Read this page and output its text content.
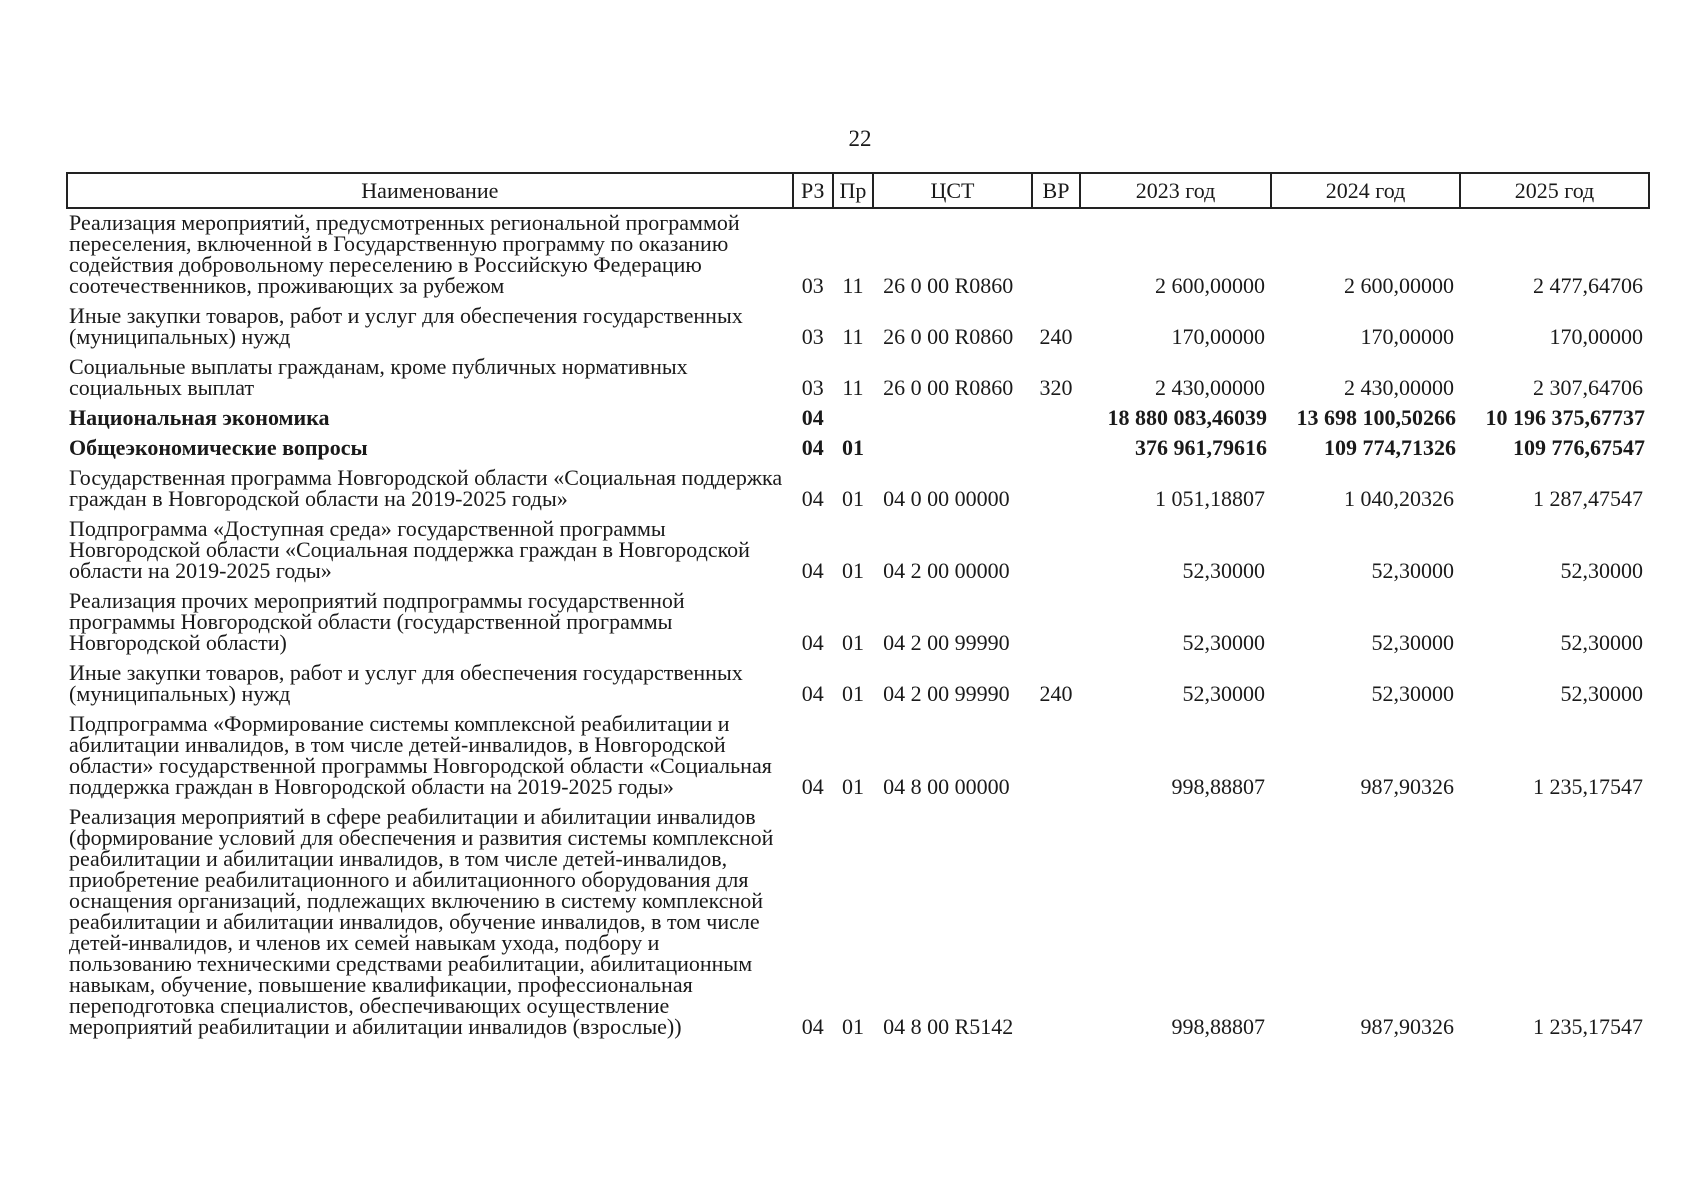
22
Наименование	РЗ	Пр	ЦСТ	ВР	2023 год	2024 год	2025 год
Реализация мероприятий, предусмотренных региональной программой переселения, включенной в Государственную программу по оказанию содействия добровольному переселению в Российскую Федерацию соотечественников, проживающих за рубежом	03	11	26 0 00 R0860		2 600,00000	2 600,00000	2 477,64706
Иные закупки товаров, работ и услуг для обеспечения государственных (муниципальных) нужд	03	11	26 0 00 R0860	240	170,00000	170,00000	170,00000
Социальные выплаты гражданам, кроме публичных нормативных социальных выплат	03	11	26 0 00 R0860	320	2 430,00000	2 430,00000	2 307,64706
Национальная экономика	04				18 880 083,46039	13 698 100,50266	10 196 375,67737
Общеэкономические вопросы	04	01			376 961,79616	109 774,71326	109 776,67547
Государственная программа Новгородской области «Социальная поддержка граждан в Новгородской области на 2019-2025 годы»	04	01	04 0 00 00000		1 051,18807	1 040,20326	1 287,47547
Подпрограмма «Доступная среда» государственной программы Новгородской области «Социальная поддержка граждан в Новгородской области на 2019-2025 годы»	04	01	04 2 00 00000		52,30000	52,30000	52,30000
Реализация прочих мероприятий подпрограммы государственной программы Новгородской области (государственной программы Новгородской области)	04	01	04 2 00 99990		52,30000	52,30000	52,30000
Иные закупки товаров, работ и услуг для обеспечения государственных (муниципальных) нужд	04	01	04 2 00 99990	240	52,30000	52,30000	52,30000
Подпрограмма «Формирование системы комплексной реабилитации и абилитации инвалидов, в том числе детей-инвалидов, в Новгородской области» государственной программы Новгородской области «Социальная поддержка граждан в Новгородской области на 2019-2025 годы»	04	01	04 8 00 00000		998,88807	987,90326	1 235,17547
Реализация мероприятий в сфере реабилитации и абилитации инвалидов (формирование условий для обеспечения и развития системы комплексной реабилитации и абилитации инвалидов, в том числе детей-инвалидов, приобретение реабилитационного и абилитационного оборудования для оснащения организаций, подлежащих включению в систему комплексной реабилитации и абилитации инвалидов, обучение инвалидов, в том числе детей-инвалидов, и членов их семей навыкам ухода, подбору и пользованию техническими средствами реабилитации, абилитационным навыкам, обучение, повышение квалификации, профессиональная переподготовка специалистов, обеспечивающих осуществление мероприятий реабилитации и абилитации инвалидов (взрослые))	04	01	04 8 00 R5142		998,88807	987,90326	1 235,17547
